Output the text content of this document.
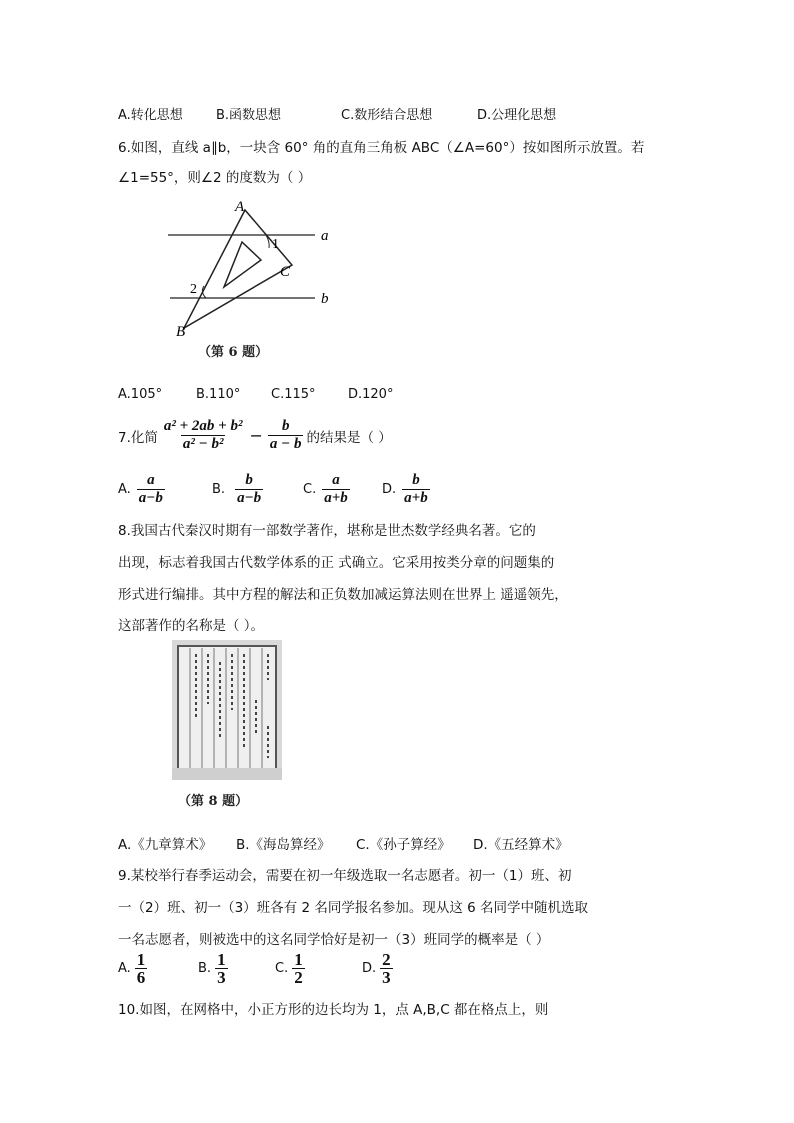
A.转化思想	B.函数思想	C.数形结合思想	D.公理化思想
6.如图，直线 a∥b，一块含 60° 角的直角三角板 ABC（∠A=60°）按如图所示放置。若
∠1=55°，则∠2 的度数为（ ）
A
C
B
1
2
a
b
（第 6 题）
A.105°	B.110° C.115° D.120°
7.化简 $\frac{\text{a² + 2ab + b²}}{\text{a² − b²}} - \frac{b}{a - b}$ 的结果是（ ）
A. $\frac{a}{a-b}$	B. $\frac{b}{a-b}$	C. $\frac{a}{a+b} D$. $\frac{b}{a+b}$
8.我国古代秦汉时期有一部数学著作，堪称是世杰数学经典名著。它的
出现，标志着我国古代数学体系的正 式确立。它采用按类分章的问题集的
形式进行编排。其中方程的解法和正负数加减运算法则在世界上 遥遥领先，
这部著作的名称是（ ）。
（第 8 题）
A.《九章算术》 B.《海岛算经》 C.《孙子算经》 D.《五经算术》
9.某校举行春季运动会，需要在初一年级选取一名志愿者。初一（1）班、初
一（2）班、初一（3）班各有 2 名同学报名参加。现从这 6 名同学中随机选取
一名志愿者，则被选中的这名同学恰好是初一（3）班同学的概率是（ ）
A. $\frac{1}{6}$	B. $\frac{1}{3}$	C. $\frac{1}{2}$	D. $\frac{2}{3}$
10.如图，在网格中，小正方形的边长均为 1，点 A,B,C 都在格点上，则
